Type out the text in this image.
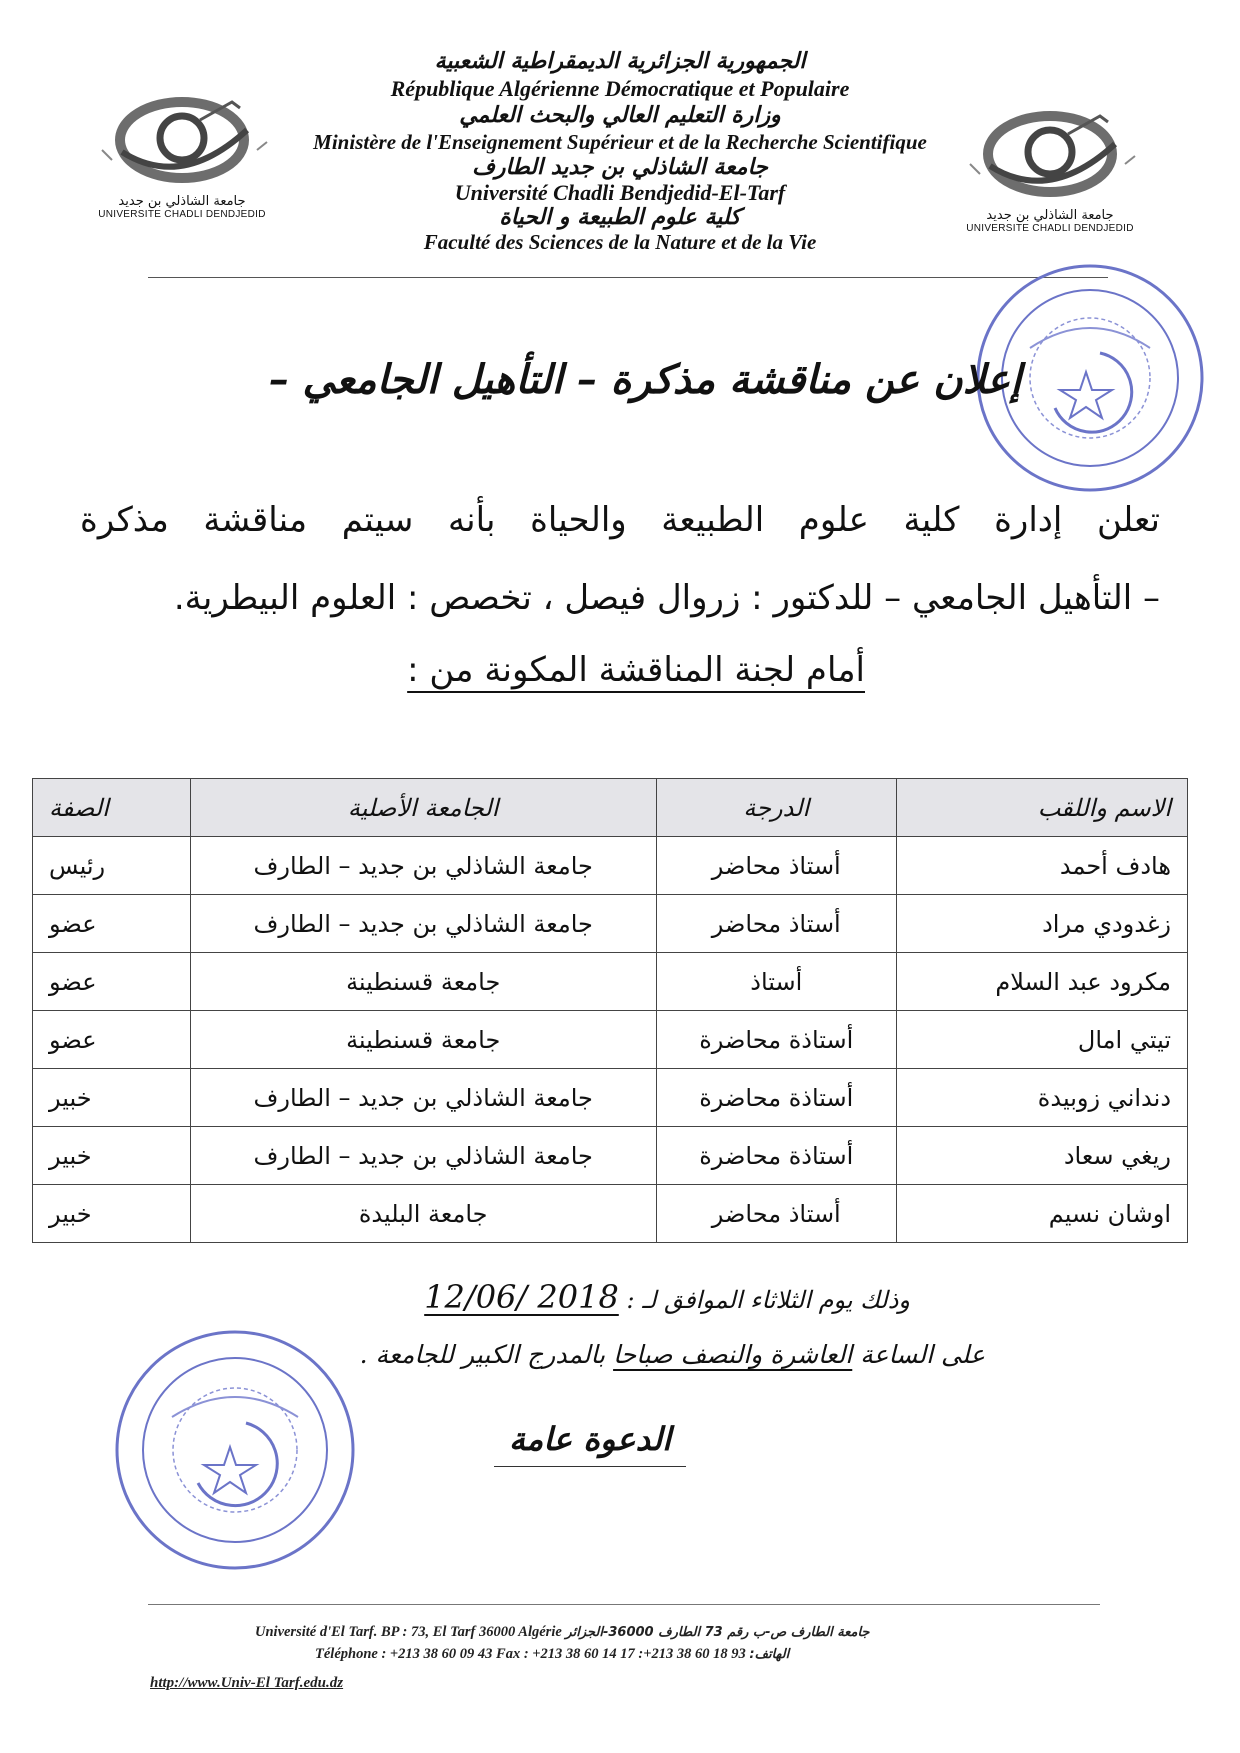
جامعة الشاذلي بن جديد
UNIVERSITE CHADLI DENDJEDID	جامعة الشاذلي بن جديد
UNIVERSITE CHADLI DENDJEDID
الجمهورية الجزائرية الديمقراطية الشعبية
République Algérienne Démocratique et Populaire
وزارة التعليم العالي والبحث العلمي
Ministère de l'Enseignement Supérieur et de la Recherche Scientifique
جامعة الشاذلي بن جديد الطارف
Université Chadli Bendjedid-El-Tarf
كلية علوم الطبيعة و الحياة
Faculté des Sciences de la Nature et de la Vie
إعلان عن مناقشة مذكرة – التأهيل الجامعي –
تعلن إدارة كلية علوم الطبيعة والحياة بأنه سيتم مناقشة مذكرة
– التأهيل الجامعي – للدكتور : زروال فيصل ، تخصص : العلوم البيطرية.
أمام لجنة المناقشة المكونة من :
الاسم واللقب	الدرجة	الجامعة الأصلية	الصفة
هادف أحمد	أستاذ محاضر	جامعة الشاذلي بن جديد – الطارف	رئيس
زغدودي مراد	أستاذ محاضر	جامعة الشاذلي بن جديد – الطارف	عضو
مكرود عبد السلام	أستاذ	جامعة قسنطينة	عضو
تيتي امال	أستاذة محاضرة	جامعة قسنطينة	عضو
دنداني زوبيدة	أستاذة محاضرة	جامعة الشاذلي بن جديد – الطارف	خبير
ريغي سعاد	أستاذة محاضرة	جامعة الشاذلي بن جديد – الطارف	خبير
اوشان نسيم	أستاذ محاضر	جامعة البليدة	خبير
وذلك يوم الثلاثاء الموافق لـ : 12/06/ 2018
على الساعة العاشرة والنصف صباحا بالمدرج الكبير للجامعة .
الدعوة عامة
Université d'El Tarf. BP : 73, El Tarf 36000 Algérie جامعة الطارف ص-ب رقم 73 الطارف 36000-الجزائر
Téléphone : +213 38 60 09 43 Fax : +213 38 60 14 17 :+213 38 60 18 93 الهاتف:
http://www.Univ-El Tarf.edu.dz
